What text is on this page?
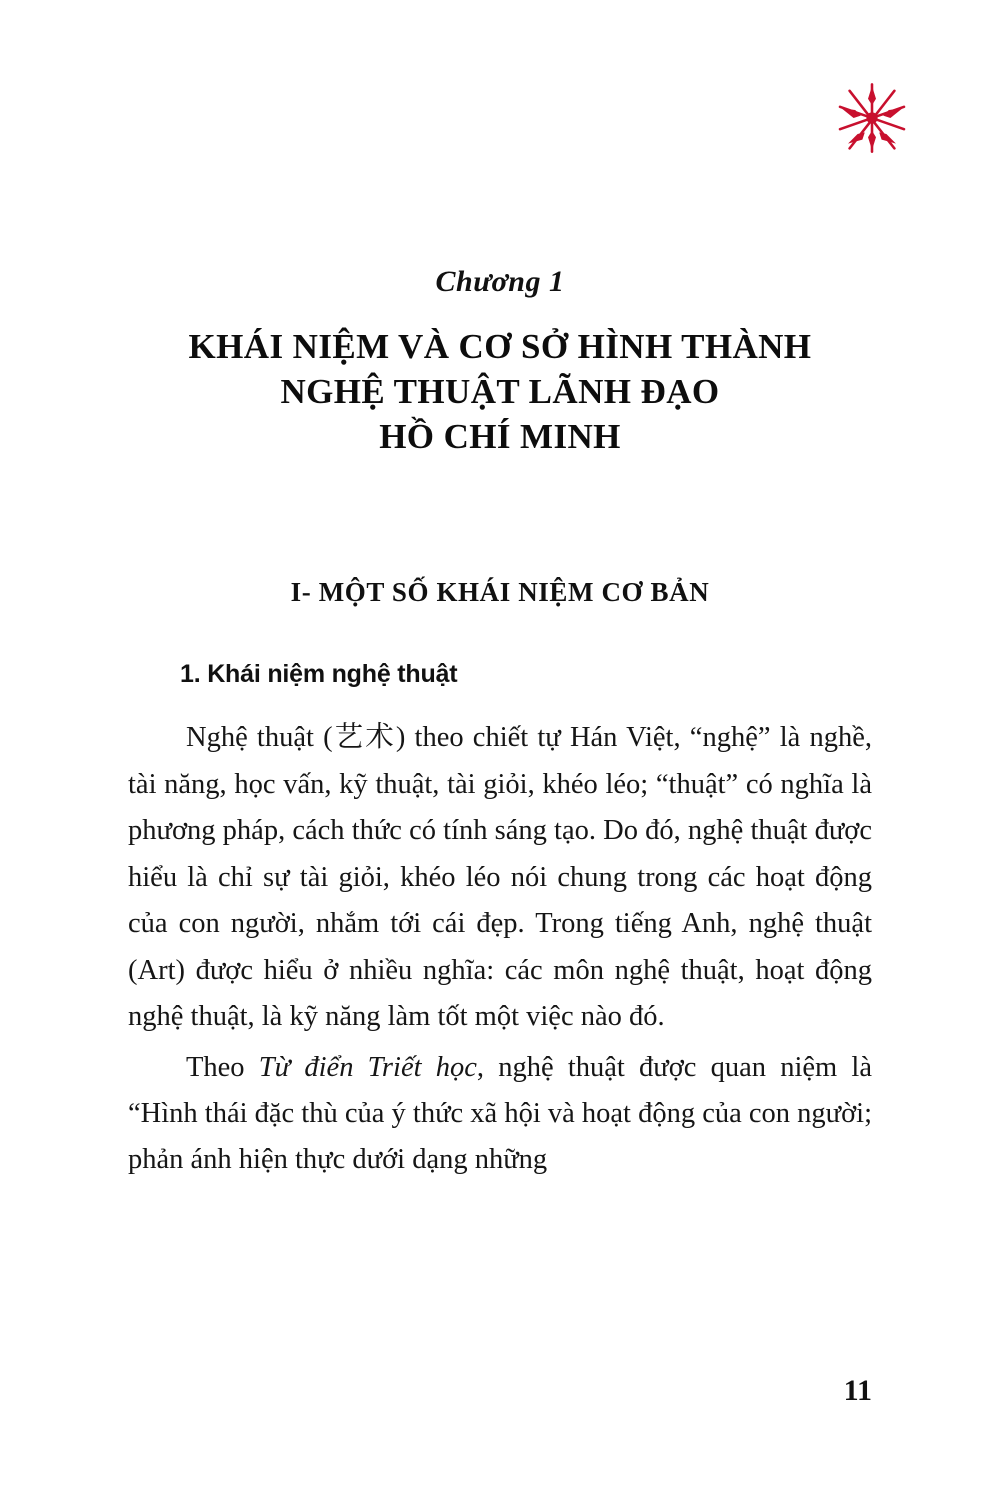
Chương 1

KHÁI NIỆM VÀ CƠ SỞ HÌNH THÀNH
NGHỆ THUẬT LÃNH ĐẠO
HỒ CHÍ MINH
I- MỘT SỐ KHÁI NIỆM CƠ BẢN
1. Khái niệm nghệ thuật

Nghệ thuật (艺术) theo chiết tự Hán Việt, “nghệ” là nghề, tài năng, học vấn, kỹ thuật, tài giỏi, khéo léo; “thuật” có nghĩa là phương pháp, cách thức có tính sáng tạo. Do đó, nghệ thuật được hiểu là chỉ sự tài giỏi, khéo léo nói chung trong các hoạt động của con người, nhắm tới cái đẹp. Trong tiếng Anh, nghệ thuật (Art) được hiểu ở nhiều nghĩa: các môn nghệ thuật, hoạt động nghệ thuật, là kỹ năng làm tốt một việc nào đó.

Theo Từ điển Triết học, nghệ thuật được quan niệm là “Hình thái đặc thù của ý thức xã hội và hoạt động của con người; phản ánh hiện thực dưới dạng những

11
